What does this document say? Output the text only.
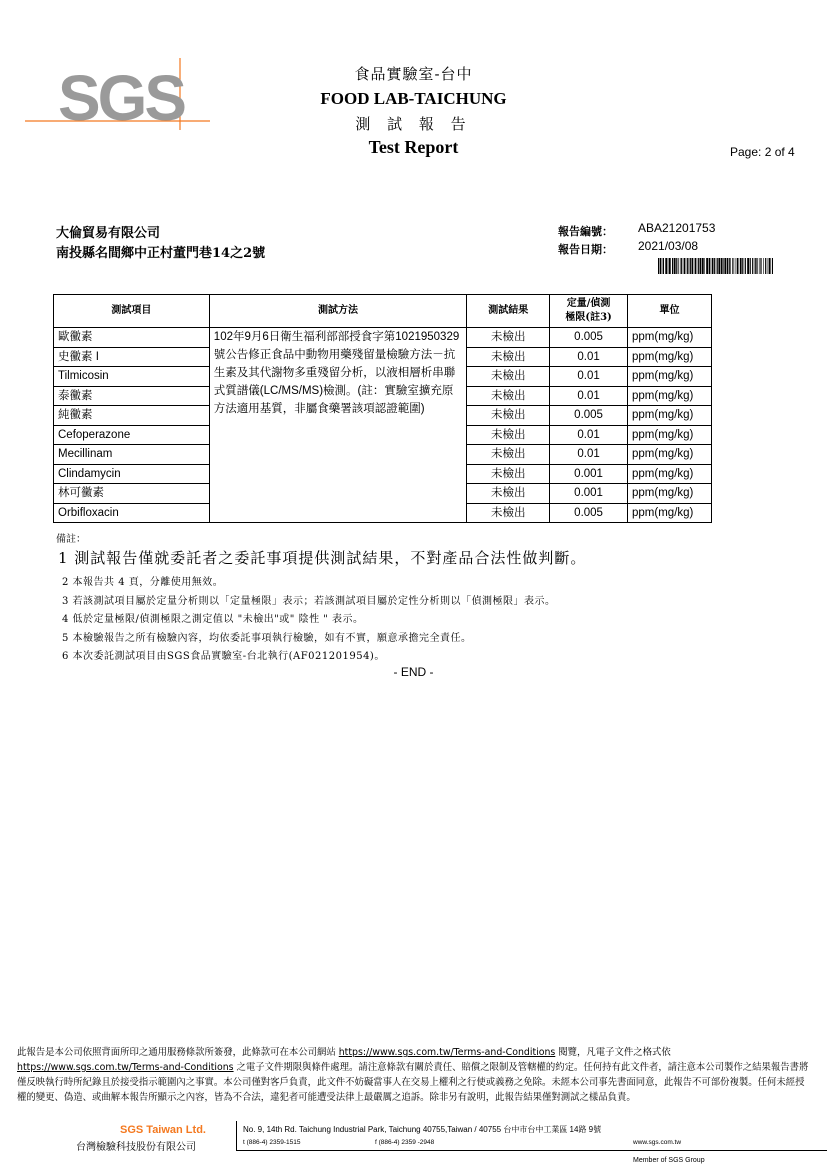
SGS	食品實驗室-台中
FOOD LAB-TAICHUNG
測 試 報 告
Test Report	Page: 2 of 4
大倫貿易有限公司
南投縣名間鄉中正村董門巷14之2號
報告編號： ABA21201753
報告日期： 2021/03/08
測試項目	測試方法	測試結果	定量/偵測
極限(註3)	單位
歐黴素	102年9月6日衛生福利部部授食字第1021950329號公告修正食品中動物用藥殘留量檢驗方法－抗生素及其代謝物多重殘留分析，以液相層析串聯式質譜儀(LC/MS/MS)檢測。(註：實驗室擴充原方法適用基質，非屬食藥署該項認證範圍)	未檢出	0.005	ppm(mg/kg)
史黴素 I		未檢出	0.01	ppm(mg/kg)
Tilmicosin		未檢出	0.01	ppm(mg/kg)
泰黴素		未檢出	0.01	ppm(mg/kg)
純黴素		未檢出	0.005	ppm(mg/kg)
Cefoperazone		未檢出	0.01	ppm(mg/kg)
Mecillinam		未檢出	0.01	ppm(mg/kg)
Clindamycin		未檢出	0.001	ppm(mg/kg)
林可黴素		未檢出	0.001	ppm(mg/kg)
Orbifloxacin		未檢出	0.005	ppm(mg/kg)
備註：
1 測試報告僅就委託者之委託事項提供測試結果，不對產品合法性做判斷。
2 本報告共 4 頁，分離使用無效。
3 若該測試項目屬於定量分析則以「定量極限」表示；若該測試項目屬於定性分析則以「偵測極限」表示。
4 低於定量極限/偵測極限之測定值以 "未檢出"或" 陰性 " 表示。
5 本檢驗報告之所有檢驗內容，均依委託事項執行檢驗，如有不實，願意承擔完全責任。
6 本次委託測試項目由SGS食品實驗室-台北執行(AF021201954)。
- END -
此報告是本公司依照背面所印之通用服務條款所簽發，此條款可在本公司網站 https://www.sgs.com.tw/Terms-and-Conditions 閱覽，凡電子文件之格式依 https://www.sgs.com.tw/Terms-and-Conditions 之電子文件期限與條件處理。請注意條款有關於責任、賠償之限制及管轄權的約定。任何持有此文件者，請注意本公司製作之結果報告書將僅反映執行時所紀錄且於接受指示範圍內之事實。本公司僅對客戶負責，此文件不妨礙當事人在交易上權利之行使或義務之免除。未經本公司事先書面同意，此報告不可部份複製。任何未經授權的變更、偽造、或曲解本報告所顯示之內容，皆為不合法，違犯者可能遭受法律上最嚴厲之追訴。除非另有說明，此報告結果僅對測試之樣品負責。
SGS Taiwan Ltd.
台灣檢驗科技股份有限公司
No. 9, 14th Rd. Taichung Industrial Park, Taichung 40755,Taiwan / 40755 台中市台中工業區 14路 9號
t (886-4) 2359-1515	f (886-4) 2359 -2948	www.sgs.com.tw
Member of SGS Group
